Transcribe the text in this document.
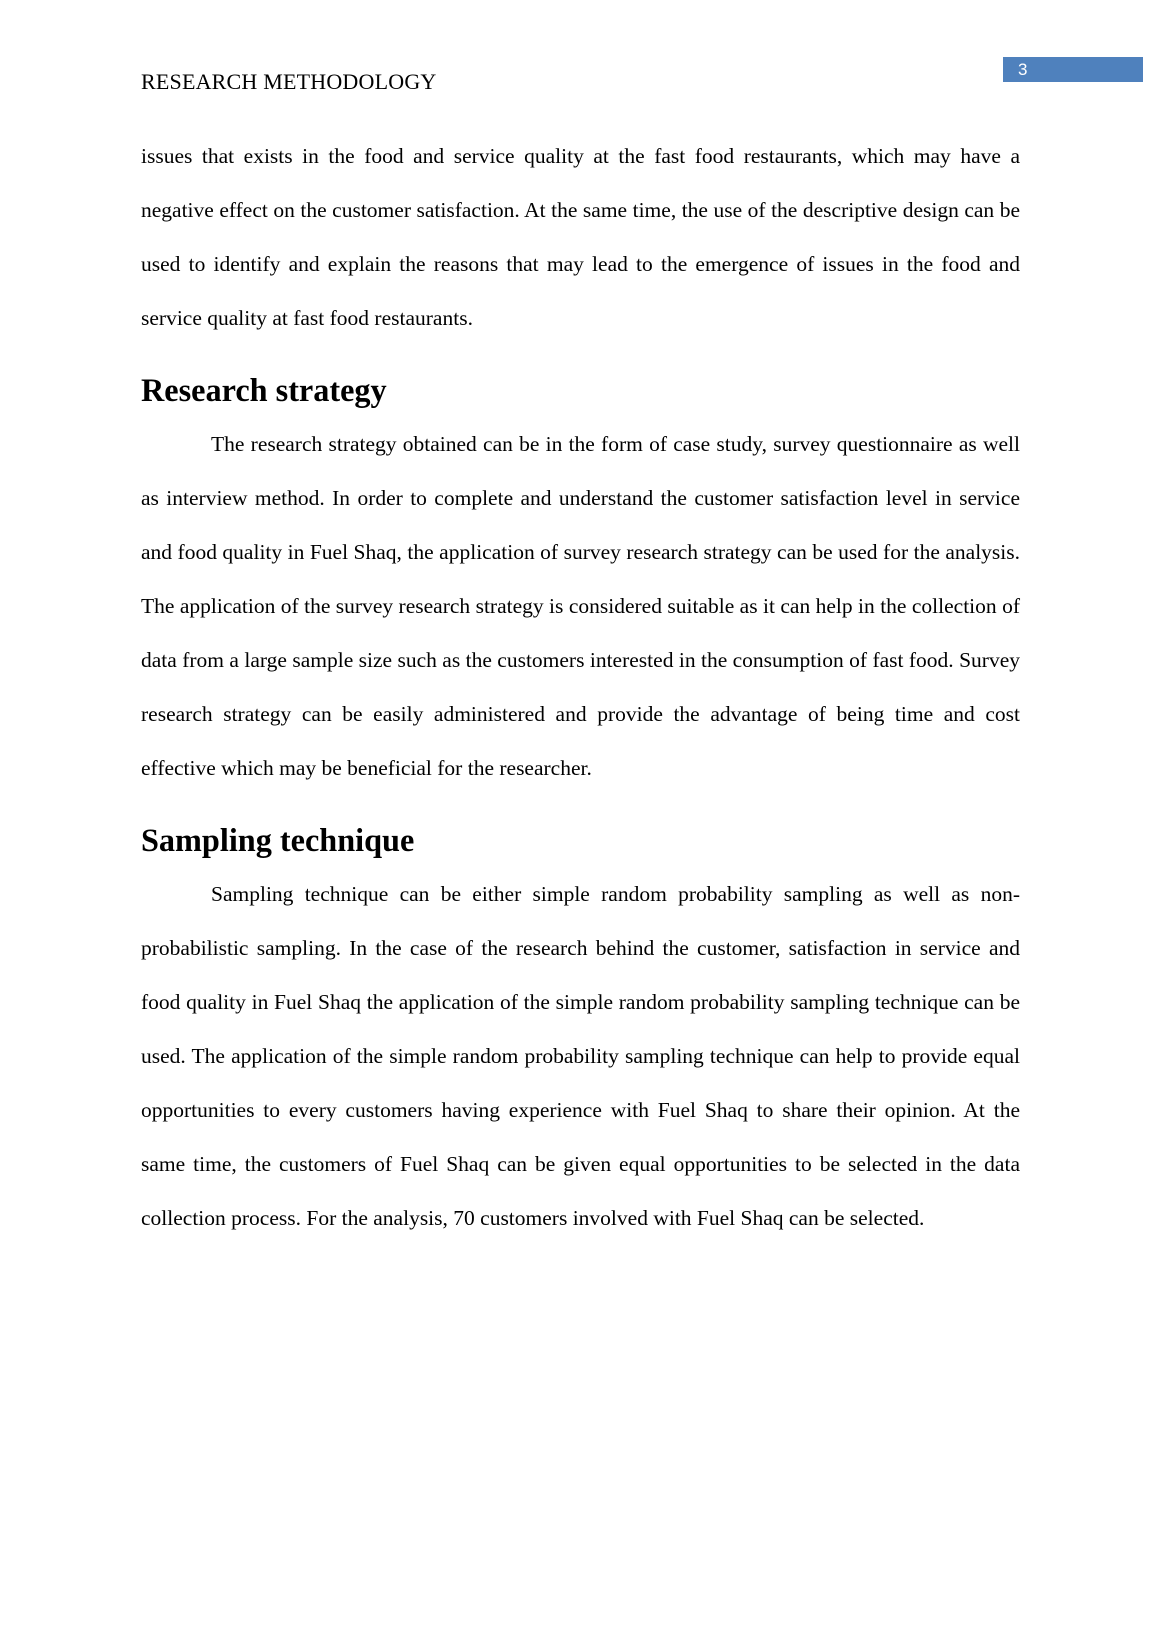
3
RESEARCH METHODOLOGY

issues that exists in the food and service quality at the fast food restaurants, which may have a negative effect on the customer satisfaction. At the same time, the use of the descriptive design can be used to identify and explain the reasons that may lead to the emergence of issues in the food and service quality at fast food restaurants.

Research strategy

The research strategy obtained can be in the form of case study, survey questionnaire as well as interview method. In order to complete and understand the customer satisfaction level in service and food quality in Fuel Shaq, the application of survey research strategy can be used for the analysis. The application of the survey research strategy is considered suitable as it can help in the collection of data from a large sample size such as the customers interested in the consumption of fast food. Survey research strategy can be easily administered and provide the advantage of being time and cost effective which may be beneficial for the researcher.

Sampling technique

Sampling technique can be either simple random probability sampling as well as non-probabilistic sampling. In the case of the research behind the customer, satisfaction in service and food quality in Fuel Shaq the application of the simple random probability sampling technique can be used. The application of the simple random probability sampling technique can help to provide equal opportunities to every customers having experience with Fuel Shaq to share their opinion. At the same time, the customers of Fuel Shaq can be given equal opportunities to be selected in the data collection process. For the analysis, 70 customers involved with Fuel Shaq can be selected.
